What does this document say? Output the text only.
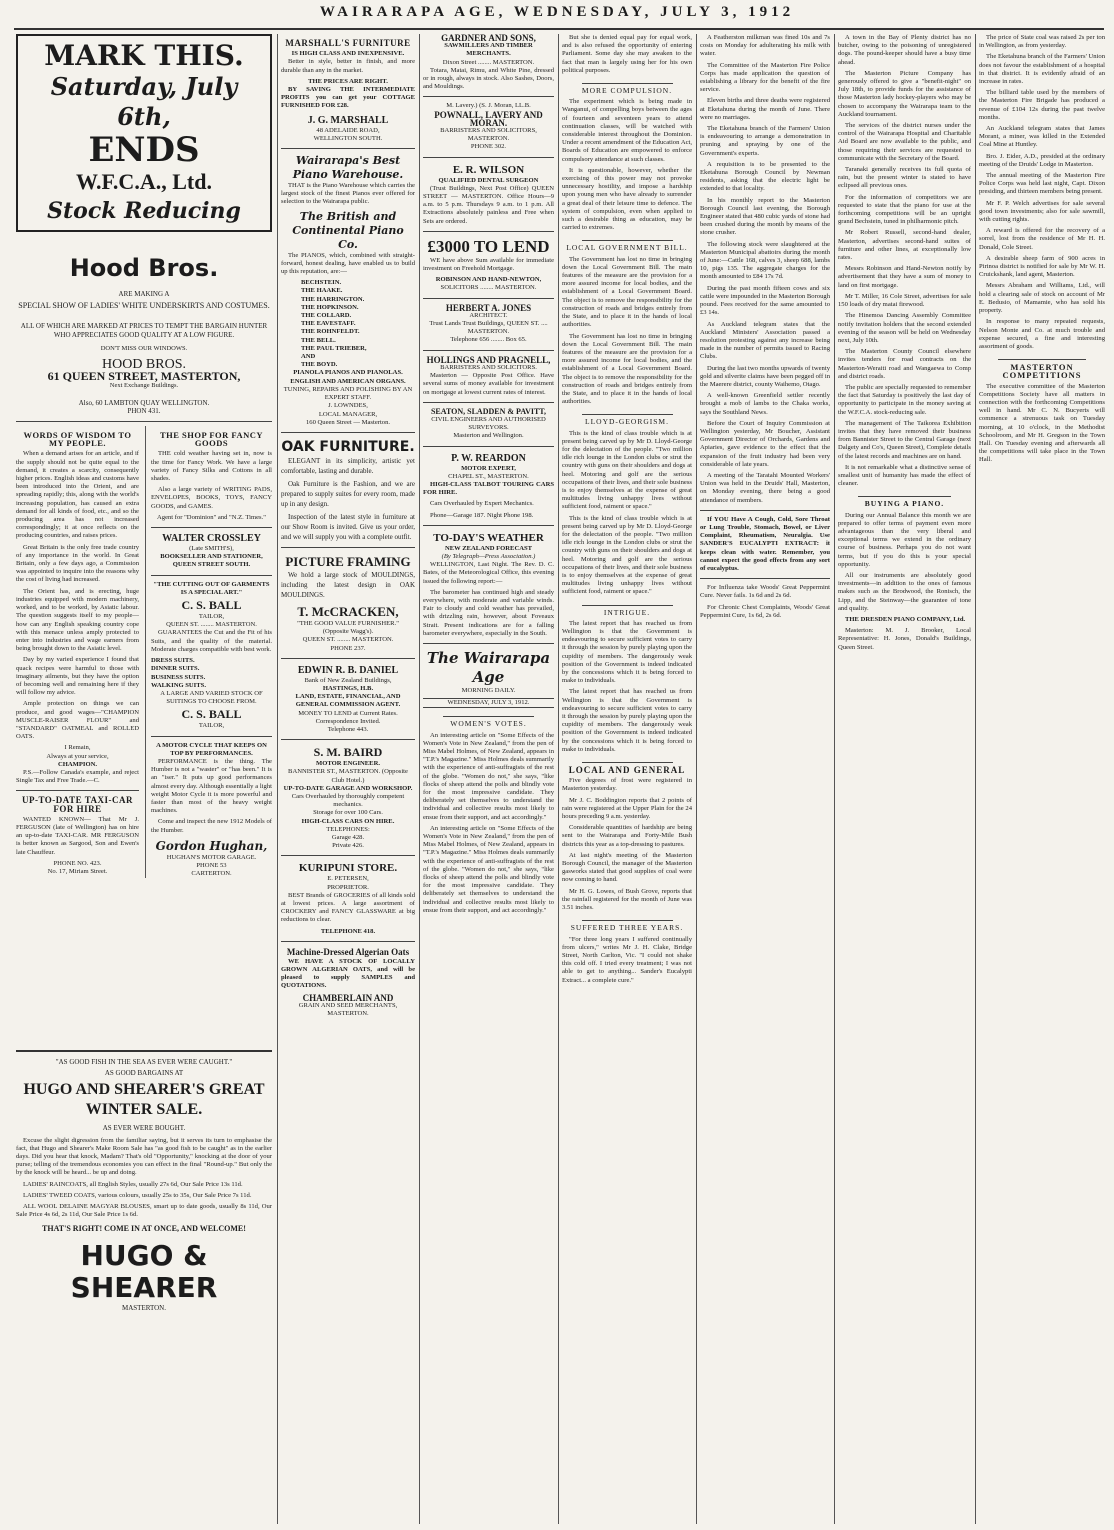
WAIRARAPA AGE, WEDNESDAY, JULY 3, 1912
MARK THIS.
Saturday, July 6th,
ENDS
W.F.C.A., Ltd.
Stock Reducing
Hood Bros.
ARE MAKING A
SPECIAL SHOW OF LADIES' WHITE UNDERSKIRTS AND COSTUMES.
ALL OF WHICH ARE MARKED AT PRICES TO TEMPT THE BARGAIN HUNTER WHO APPRECIATES GOOD QUALITY AT A LOW FIGURE.
DON'T MISS OUR WINDOWS.
HOOD BROS.
61 QUEEN STREET, MASTERTON,
Next Exchange Buildings.
Also, 60 LAMBTON QUAY WELLINGTON.
PHON 431.
WORDS OF WISDOM TO MY PEOPLE.

When a demand arises for an article, and if the supply should not be quite equal to the demand, it creates a scarcity, consequently higher prices. English ideas and customs have been introduced into the Orient, and are spreading rapidly; this, along with the world's increasing population, has caused an extra demand for all kinds of food, etc., and so the producing area has not increased correspondingly; it at once reflects on the producing countries, and raises prices.

Great Britain is the only free trade country of any importance in the world. In Great Britain, only a few days ago, a Commission was appointed to inquire into the reasons why the cost of living had increased.

The Orient has, and is erecting, huge industries equipped with modern machinery, worked, and to be worked, by Asiatic labour. The question suggests itself to my people—how can any English speaking country cope with this menace unless amply protected to enter into industries and wage earners from being brought down to the Asiatic level.

Day by my varied experience I found that quack recipes were harmful to those with imaginary ailments, but they have the option of becoming well and remaining here if they will follow my advice.

Ample protection on things we can produce, and good wages—"CHAMPION MUSCLE-RAISER FLOUR" and "STANDARD" OATMEAL and ROLLED OATS.

I Remain,
Always at your service,
CHAMPION.

P.S.—Follow Canada's example, and reject Single Tax and Free Trade.—C.

UP-TO-DATE TAXI-CAR FOR HIRE

WANTED KNOWN— That Mr J. FERGUSON (late of Wellington) has on hire an up-to-date TAXI-CAR. MR FERGUSON is better known as Sargood, Son and Ewen's late Chauffeur.

PHONE NO. 423.
No. 17, Miriam Street.
THE SHOP FOR FANCY GOODS

THE cold weather having set in, now is the time for Fancy Work. We have a large variety of Fancy Silks and Cottons in all shades.

Also a large variety of WRITING PADS, ENVELOPES, BOOKS, TOYS, FANCY GOODS, and GAMES.

Agent for "Dominion" and "N.Z. Times."
WALTER CROSSLEY
(Late SMITH'S),
BOOKSELLER AND STATIONER,
QUEEN STREET SOUTH.
"THE CUTTING OUT OF GARMENTS IS A SPECIAL ART."
C. S. BALL
TAILOR,
QUEEN ST. ........ MASTERTON.

GUARANTEES the Cut and the Fit of his Suits, and the quality of the material. Moderate charges compatible with best work.

DRESS SUITS.
DINNER SUITS.
BUSINESS SUITS.
WALKING SUITS.
A LARGE AND VARIED STOCK OF SUITINGS TO CHOOSE FROM.
C. S. BALL
TAILOR,
A MOTOR CYCLE THAT KEEPS ON TOP BY PERFORMANCES.

PERFORMANCE is the thing. The Humber is not a "waster" or "has been." It is an "iser." It puts up good performances almost every day. Although essentially a light weight Motor Cycle it is more powerful and faster than most of the heavy weight machines.

Come and inspect the new 1912 Models of the Humber.

Gordon Hughan,
HUGHAN'S MOTOR GARAGE.
PHONE 53
CARTERTON.
"AS GOOD FISH IN THE SEA AS EVER WERE CAUGHT."
AS GOOD BARGAINS AT
HUGO AND SHEARER'S GREAT WINTER SALE.
AS EVER WERE BOUGHT.

Excuse the slight digression from the familiar saying, but it serves its turn to emphasise the fact, that Hugo and Shearer's Make Room Sale has "as good fish to be caught" as in the earlier days. Did you hear that knock, Madam? That's old "Opportunity," knocking at the door of your purse; telling of the tremendous economies you can effect in the final "Round-up." But only the by the knock will be heard... be up and doing.

LADIES' RAINCOATS, all English Styles, usually 27s 6d, Our Sale Price 13s 11d.

LADIES' TWEED COATS, various colours, usually 25s to 35s, Our Sale Price 7s 11d.

ALL WOOL DELAINE MAGYAR BLOUSES, smart up to date goods, usually 8s 11d, Our Sale Price 4s 6d, 2s 11d, Our Sale Price 1s 6d.

THAT'S RIGHT! COME IN AT ONCE, AND WELCOME!
HUGO & SHEARER
MASTERTON.
MARSHALL'S FURNITURE
IS HIGH CLASS AND INEXPENSIVE.

Better in style, better in finish, and more durable than any in the market.

THE PRICES ARE RIGHT.

BY SAVING THE INTERMEDIATE PROFITS you can get your COTTAGE FURNISHED FOR £28.

J. G. MARSHALL
48 ADELAIDE ROAD,
WELLINGTON SOUTH.
Wairarapa's Best Piano Warehouse.

THAT is the Piano Warehouse which carries the largest stock of the finest Pianos ever offered for selection to the Wairarapa public.

The British and Continental Piano Co.

The PIANOS, which, combined with straight-forward, honest dealing, have enabled us to build up this reputation, are:—

BECHSTEIN.
THE HAAKE.
THE HARRINGTON.
THE HOPKINSON.
THE COLLARD.
THE EAVESTAFF.
THE ROHNFELDT.
THE BELL.
THE PAUL TRIEBER,
AND
THE BOYD.
PIANOLA PIANOS AND PIANOLAS.
ENGLISH AND AMERICAN ORGANS.
TUNING, REPAIRS AND POLISHING BY AN EXPERT STAFF.
J. LOWNDES,
LOCAL MANAGER,
160 Queen Street — Masterton.
OAK FURNITURE.

ELEGANT in its simplicity, artistic yet comfortable, lasting and durable.

Oak Furniture is the Fashion, and we are prepared to supply suites for every room, made up in any design.

Inspection of the latest style in furniture at our Show Room is invited. Give us your order, and we will supply you with a complete outfit.

PICTURE FRAMING

We hold a large stock of MOULDINGS, including the latest design in OAK MOULDINGS.

T. McCRACKEN,
"THE GOOD VALUE FURNISHER."
(Opposite Wagg's).
QUEEN ST. ........ MASTERTON.
PHONE 237.
EDWIN R. B. DANIEL
Bank of New Zealand Buildings,
HASTINGS, H.B.
LAND, ESTATE, FINANCIAL, AND GENERAL COMMISSION AGENT.
MONEY TO LEND at Current Rates.
Correspondence Invited.
Telephone 443.
S. M. BAIRD
MOTOR ENGINEER.
BANNISTER ST., MASTERTON. (Opposite Club Hotel.)
UP-TO-DATE GARAGE AND WORKSHOP.
Cars Overhauled by thoroughly competent mechanics.
Storage for over 100 Cars.
HIGH-CLASS CARS ON HIRE.
TELEPHONES:
Garage 428.
Private 426.
KURIPUNI STORE.
E. PETERSEN,
PROPRIETOR.

BEST Brands of GROCERIES of all kinds sold at lowest prices. A large assortment of CROCKERY and FANCY GLASSWARE at big reductions to clear.

TELEPHONE 418.
Machine-Dressed Algerian Oats

WE HAVE A STOCK OF LOCALLY GROWN ALGERIAN OATS, and will be pleased to supply SAMPLES and QUOTATIONS.

CHAMBERLAIN AND
GRAIN AND SEED MERCHANTS,
MASTERTON.
GARDNER AND SONS,
SAWMILLERS AND TIMBER MERCHANTS.
Dixon Street ........ MASTERTON.

Totara, Matai, Rimu, and White Pine, dressed or in rough, always in stock. Also Sashes, Doors, and Mouldings.

M. Lavery.) (S. J. Moran, LL.B.
POWNALL, LAVERY AND MORAN.
BARRISTERS AND SOLICITORS, MASTERTON.
PHONE 302.
E. R. WILSON
QUALIFIED DENTAL SURGEON

(Trust Buildings, Next Post Office) QUEEN STREET — MASTERTON. Office Hours—9 a.m. to 5 p.m. Thursdays 9 a.m. to 1 p.m. All Extractions absolutely painless and Free when Sets are ordered.

£3000 TO LEND

WE have above Sum available for immediate investment on Freehold Mortgage.

ROBINSON AND HAND-NEWTON,
SOLICITORS ........ MASTERTON.
HERBERT A. JONES
ARCHITECT.
Trust Lands Trust Buildings, QUEEN ST. .... MASTERTON.
Telephone 656 ........ Box 65.
HOLLINGS AND PRAGNELL,
BARRISTERS AND SOLICITORS.

Masterton — Opposite Post Office. Have several sums of money available for investment on mortgage at lowest current rates of interest.

SEATON, SLADDEN & PAVITT,
CIVIL ENGINEERS AND AUTHORISED SURVEYORS.
Masterton and Wellington.
P. W. REARDON
MOTOR EXPERT,
CHAPEL ST., MASTERTON.

HIGH-CLASS TALBOT TOURING CARS FOR HIRE.

Cars Overhauled by Expert Mechanics.

Phone—Garage 187. Night Phone 198.

TO-DAY'S WEATHER
NEW ZEALAND FORECAST
(By Telegraph—Press Association.)

WELLINGTON, Last Night. The Rev. D. C. Bates, of the Meteorological Office, this evening issued the following report:—

The barometer has continued high and steady everywhere, with moderate and variable winds. Fair to cloudy and cold weather has prevailed, with drizzling rain, however, about Foveaux Strait. Present indications are for a falling barometer everywhere, especially in the South.

The Wairarapa Age
MORNING DAILY.
WEDNESDAY, JULY 3, 1912.
WOMEN'S VOTES.

An interesting article on "Some Effects of the Women's Vote in New Zealand," from the pen of Miss Mabel Holmes, of New Zealand, appears in "T.P.'s Magazine." Miss Holmes deals summarily with the experience of anti-suffragists of the rest of the globe. "Women do not," she says, "like flocks of sheep attend the polls and blindly vote for the most impressive candidate. They deliberately set themselves to understand the individual and collective results most likely to ensue from their support, and act accordingly."

An interesting article on "Some Effects of the Women's Vote in New Zealand," from the pen of Miss Mabel Holmes, of New Zealand, appears in "T.P.'s Magazine." Miss Holmes deals summarily with the experience of anti-suffragists of the rest of the globe. "Women do not," she says, "like flocks of sheep attend the polls and blindly vote for the most impressive candidate. They deliberately set themselves to understand the individual and collective results most likely to ensue from their support, and act accordingly."

But she is denied equal pay for equal work, and is also refused the opportunity of entering Parliament. Some day she may awaken to the fact that man is largely using her for his own political purposes.

MORE COMPULSION.

The experiment which is being made in Wanganui, of compelling boys between the ages of fourteen and seventeen years to attend continuation classes, will be watched with considerable interest throughout the Dominion. Under a recent amendment of the Education Act, Boards of Education are empowered to enforce compulsory attendance at such classes.

It is questionable, however, whether the exercising of this power may not provoke unnecessary hostility, and impose a hardship upon young men who have already to surrender a great deal of their leisure time to defence. The system of compulsion, even when applied to such a desirable thing as education, may be carried to extremes.

LOCAL GOVERNMENT BILL.

The Government has lost no time in bringing down the Local Government Bill. The main features of the measure are the provision for a more assured income for local bodies, and the establishment of a Local Government Board. The object is to remove the responsibility for the construction of roads and bridges entirely from the State, and to place it in the hands of local authorities.

The Government has lost no time in bringing down the Local Government Bill. The main features of the measure are the provision for a more assured income for local bodies, and the establishment of a Local Government Board. The object is to remove the responsibility for the construction of roads and bridges entirely from the State, and to place it in the hands of local authorities.

LLOYD-GEORGISM.

This is the kind of class trouble which is at present being carved up by Mr D. Lloyd-George for the delectation of the people. "Two million idle rich lounge in the London clubs or strut the country with guns on their shoulders and dogs at heel. Motoring and golf are the serious occupations of their lives, and their sole business is to enjoy themselves at the expense of great multitudes living unhappy lives without sufficient food, raiment or space."

This is the kind of class trouble which is at present being carved up by Mr D. Lloyd-George for the delectation of the people. "Two million idle rich lounge in the London clubs or strut the country with guns on their shoulders and dogs at heel. Motoring and golf are the serious occupations of their lives, and their sole business is to enjoy themselves at the expense of great multitudes living unhappy lives without sufficient food, raiment or space."

INTRIGUE.

The latest report that has reached us from Wellington is that the Government is endeavouring to secure sufficient votes to carry it through the session by purely playing upon the cupidity of members. The dangerously weak position of the Government is indeed indicated by the concessions which it is being forced to make to individuals.

The latest report that has reached us from Wellington is that the Government is endeavouring to secure sufficient votes to carry it through the session by purely playing upon the cupidity of members. The dangerously weak position of the Government is indeed indicated by the concessions which it is being forced to make to individuals.

LOCAL AND GENERAL

Five degrees of frost were registered in Masterton yesterday.

Mr J. C. Boddington reports that 2 points of rain were registered at the Upper Plain for the 24 hours preceding 9 a.m. yesterday.

Considerable quantities of hardship are being sent to the Wairarapa and Forty-Mile Bush districts this year as a top-dressing to pastures.

At last night's meeting of the Masterton Borough Council, the manager of the Masterton gasworks stated that good supplies of coal were now coming to hand.

Mr H. G. Lowes, of Bush Grove, reports that the rainfall registered for the month of June was 3.51 inches.

SUFFERED THREE YEARS.

"For three long years I suffered continually from ulcers," writes Mr J. H. Clake, Bridge Street, North Carlton, Vic. "I could not shake this cold off. I tried every treatment; I was not able to get to anything... Sander's Eucalypti Extract... a complete cure."

A Featherston milkman was fined 10s and 7s costs on Monday for adulterating his milk with water.

The Committee of the Masterton Fire Police Corps has made application the question of establishing a library for the benefit of the fire service.

Eleven births and three deaths were registered at Eketahuna during the month of June. There were no marriages.

The Eketahuna branch of the Farmers' Union is endeavouring to arrange a demonstration in pruning and spraying by one of the Government's experts.

A requisition is to be presented to the Eketahuna Borough Council by Newman residents, asking that the electric light be extended to that locality.

In his monthly report to the Masterton Borough Council last evening, the Borough Engineer stated that 480 cubic yards of stone had been crushed during the month by means of the stone crusher.

The following stock were slaughtered at the Masterton Municipal abattoirs during the month of June:—Cattle 168, calves 3, sheep 688, lambs 10, pigs 135. The aggregate charges for the month amounted to £84 17s 7d.

During the past month fifteen cows and six cattle were impounded in the Masterton Borough pound. Fees received for the same amounted to £3 14s.

As Auckland telegram states that the Auckland Ministers' Association passed a resolution protesting against any increase being made in the number of permits issued to Racing Clubs.

During the last two months upwards of twenty gold and silverite claims have been pegged off in the Maerere district, county Waihemo, Otago.

A well-known Greenfield settler recently brought a mob of lambs to the Chaka works, says the Southland News.

Before the Court of Inquiry Commission at Wellington yesterday, Mr Boucher, Assistant Government Director of Orchards, Gardens and Apiaries, gave evidence to the effect that the expansion of the fruit industry had been very considerable of late years.

A meeting of the Taratahi Mounted Workers' Union was held in the Druids' Hall, Masterton, on Monday evening, there being a good attendance of members.

If YOU Have A Cough, Cold, Sore Throat or Lung Trouble, Stomach, Bowel, or Liver Complaint, Rheumatism, Neuralgia. Use SANDER'S EUCALYPTI EXTRACT: it keeps clean with water. Remember, you cannot expect the good effects from any sort of eucalyptus.

For Influenza take Woods' Great Peppermint Cure. Never fails. 1s 6d and 2s 6d.

For Chronic Chest Complaints, Woods' Great Peppermint Cure, 1s 6d, 2s 6d.

A town in the Bay of Plenty district has no butcher, owing to the poisoning of unregistered dogs. The pound-keeper should have a busy time ahead.

The Masterton Picture Company has generously offered to give a "benefit-night" on July 18th, to provide funds for the assistance of those Masterton lady hockey-players who may be chosen to accompany the Wairarapa team to the Auckland tournament.

The services of the district nurses under the control of the Wairarapa Hospital and Charitable Aid Board are now available to the public, and those requiring their services are requested to communicate with the Secretary of the Board.

Taranaki generally receives its full quota of rain, but the present winter is stated to have eclipsed all previous ones.

For the information of competitors we are requested to state that the piano for use at the forthcoming competitions will be an upright grand Bechstein, tuned in philharmonic pitch.

Mr Robert Russell, second-hand dealer, Masterton, advertises second-hand suites of furniture and other lines, at exceptionally low rates.

Messrs Robinson and Hand-Newton notify by advertisement that they have a sum of money to land on first mortgage.

Mr T. Miller, 16 Cole Street, advertises for sale 150 loads of dry matai firewood.

The Hinemoa Dancing Assembly Committee notify invitation holders that the second extended evening of the season will be held on Wednesday next, July 10th.

The Masterton County Council elsewhere invites tenders for road contracts on the Masterton-Weraiti road and Wangaewa to Comp and district roads.

The public are specially requested to remember the fact that Saturday is positively the last day of opportunity to participate in the money saving at the W.F.C.A. stock-reducing sale.

The management of The Taikorea Exhibition invites that they have removed their business from Bannister Street to the Central Garage (next Dalgety and Co's, Queen Street), Complete details of the latest records and machines are on hand.

It is not remarkable what a distinctive sense of smallest unit of humanity has made the effect of cleaner.

BUYING A PIANO.

During our Annual Balance this month we are prepared to offer terms of payment even more advantageous than the very liberal and exceptional terms we extend in the ordinary course of business. Perhaps you do not want terms, but if you do this is your special opportunity.

All our instruments are absolutely good investments—in addition to the ones of famous makes such as the Brodwood, the Ronisch, the Lipp, and the Steinway—the guarantee of tone and quality.

THE DRESDEN PIANO COMPANY, Ltd.

Masterton: M. J. Brooker, Local Representative: H. Jones, Donald's Buildings, Queen Street.

The price of State coal was raised 2s per ton in Wellington, as from yesterday.

The Eketahuna branch of the Farmers' Union does not favour the establishment of a hospital in that district. It is evidently afraid of an increase in rates.

The billiard table used by the members of the Masterton Fire Brigade has produced a revenue of £104 12s during the past twelve months.

An Auckland telegram states that James Morant, a miner, was killed in the Extended Coal Mine at Huntley.

Bro. J. Eider, A.D., presided at the ordinary meeting of the Druids' Lodge in Masterton.

The annual meeting of the Masterton Fire Police Corps was held last night, Capt. Dixon presiding, and thirteen members being present.

Mr F. P. Welch advertises for sale several good town investments; also for sale sawmill, with cutting rights.

A reward is offered for the recovery of a sorrel, lost from the residence of Mr H. H. Donald, Cole Street.

A desirable sheep farm of 900 acres in Pirinoa district is notified for sale by Mr W. H. Cruickshank, land agent, Masterton.

Messrs Abraham and Williams, Ltd., will hold a clearing sale of stock on account of Mr E. Bedusio, of Mamamie, who has sold his property.

In response to many repeated requests, Nelson Monte and Co. at much trouble and expense secured, a fine and interesting assortment of goods.

MASTERTON COMPETITIONS

The executive committee of the Masterton Competitions Society have all matters in connection with the forthcoming Competitions well in hand. Mr C. N. Bucyerts will commence a strenuous task on Tuesday morning, at 10 o'clock, in the Methodist Schoolroom, and Mr H. Gregson in the Town Hall. On Tuesday evening and afterwards all the competitions will take place in the Town Hall.
